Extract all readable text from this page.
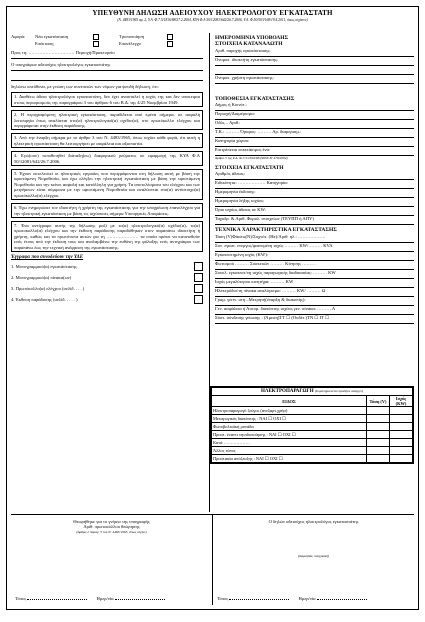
ΥΠΕΥΘΥΝΗ ΔΗΛΩΣΗ ΑΔΕΙΟΥΧΟΥ ΗΛΕΚΤΡΟΛΟΓΟΥ ΕΓΚΑΤΑΣΤΑΤΗ
(Ν. 4483/1965 αρ. 2, Υ.Α. Φ.7.5/1816/88/27.2.2004, ΚΥΑ Φ.Α 50/12081/642/26.7.2006, Υ.Α. Φ.50/503/168/19.4.2011, όπως ισχύουν)
Αφορά:	Νέα εγκατάσταση	Τροποποίηση
Επέκταση	Επανέλεγχο
Προς τη: ………………………… Περιοχή/Πρακτορείο
Ο υπογράφων αδειούχος ηλεκτρολόγος εγκαταστάτης
δηλώνω υπεύθυνα, με γνώση των συνεπειών των νόμων για ψευδή δήλωση, ότι:
1. Διαθέτω άδεια ηλεκτρολόγου εγκαταστάτη, δεν έχει ανασταλεί η ισχύς της και δεν υποκειμαι στους περιορισμούς της παραγράφου 3 του άρθρου 6 του Β.Δ. της 4/25 Νοεμβρίου 1949.
2. Η περιγραφόμενη ηλεκτρική εγκατάσταση, παραδίδεται από εμένα σήμερα, σε ασφαλή λειτουργία όπως αναλύεται στο(α) ηλεκτρολογικό(α) σχέδιο(α), στο πρωτόκολλο ελέγχου και περιγράφεται στην έκθεση παράδοσης.
3. Από την έναρξη σήμερα με το άρθρο 3 του Ν. 4483/1965, όπως ισχύει κάθε φορά, ότι αυτή η ηλεκτρική εγκατάσταση θα λειτουργήσει με ασφάλεια και αξιοπιστία.
4. Εγώ(ουν) τοποθετηθεί διάταξη(εις) διαφορικού ρεύματος σε εφαρμογή της ΚΥΑ Φ.Α 50/12081/642/26.7.2006.
5. Έχουν εκτελεστεί οι ηλεκτρικές εργασίες που περιγράφονται στη δήλωση αυτή με βάση την υφιστάμενη Νομοθεσία, και έχω ελέγξει την ηλεκτρική εγκατάσταση με βάση την υφιστάμενη Νομοθεσία και την κείνει ασφαλή και κατάλληλη για χρήση. Τα αποτελέσματα του ελέγχου και των μετρήσεων είναι σύμφωνα με την υφιστάμενη Νομοθεσία και αναλύονται στο(α) αντίστοιχο(α) πρωτόκολλο(α) ελέγχου.
6. Έχω ενημερώσει τον ιδιοκτήτη ή χρήστη της εγκατάστασης για την υποχρέωση επανελέγχου για την ηλεκτρική εγκατάσταση με βάση τις ισχύουσες σήμερα Υπουργικές Αποφάσεις.
7. Ένα αντίγραφο αυτής της δήλωσης μαζί με το(α) ηλεκτρολογικό(α) σχέδιο(α), το(α) πρωτοκολλο(α) ελέγχου και την έκθεση παράδοσης παραδόθηκαν στον παραπάνω ιδιοκτήτη ή χρήστη, καθώς και τα πρωτότυπα αυτών για τη ………………… τα οποία πρέπει να κατατεθούν ενός έτους από την έκδοση τους και αναλαμβάνω την ευθύνη της φύλαξης ενός αντιγράφου των παραπάνω έως την τεχνική ανέφρεση της εγκατάστασης.
Έγγραφα που συνοδεύουν την ΥΔΕ
1. Μονογραμμικό(α) εγκατάστασης
2. Μονογραμμικό(α) πίνακα(ων)
3. Πρωτόκολλο(α) ελέγχου (σελίδ. . . . )
4. Έκθεση παράδοσης (σελίδ. . . . . )
ΗΜΕΡΟΜΗΝΙΑ ΥΠΟΒΟΛΗΣ
ΣΤΟΙΧΕΙΑ ΚΑΤΑΝΑΛΩΤΗ
Αριθ. παροχής εγκατάστασης:
Ονοματ. ιδιοκτήτη εγκατάστασης:
Ονοματ. χρήστη εγκατάστασης:
ΤΟΠΟΘΕΣΙΑ ΕΓΚΑΤΑΣΤΑΣΗΣ
Δήμος ή Κοινότ.:
Περιοχή/Διαμέρισμα:
Οδός – Αριθ.:
Τ.Κ.: ……… Όροφος: ……… Αρ. διαμερισμ.:
Κατηγορία χώρου:
Επιτρέπεται επεκτάσιμος ένα:
Άρθρο 3 της Υ.Α. Φ.7.5/1816/88 (ΦΕΚ Β' 470/2004)
ΣΤΟΙΧΕΙΑ ΕΓΚΑΤΑΣΤΑΤΗ
Αριθμός άδειας:
Ειδικότητα: ……………… Κατηγορία:
Ημερομηνία έκδοσης:
Ημερομηνία λήξης ισχύος:
Όριο ισχύος άδειας σε KW:
Ταχυδρ. & Αριθ. Φορολ. στοιχείων (ΤΕΥΠΠ ή ΑΠΥ)
ΤΕΧΝΙΚΑ ΧΑΡΑΚΤΗΡΙΣΤΙΚΑ ΕΓΚΑΤΑΣΤΑΣΗΣ
Τάση (V)Φάσεις(Ν)/Συχνότ. (Hz)/Αριθ. ηλ.: ………………
Συν. εγκατ. ενεργος/φαινομένη ισχύς ……… KW/……… KVA
Εγκατεστημένη ισχύς (KW):
Φωτισμού ……… Συσκευών ……… Κίνησης ………
Συνολ. εγκατεστ/νη ισχύς παραγωγικής διαδικασίας: ……… KW
Ισχύς μεγαλύτερου κινητήρα: ……… KW
Ηλεκτρόδιο/τη πίνακα αναλόγισμα: ……… KW/ ……… Ω
Γραμ. γειτν. στη –Μετρητή(έναρξη & διακοπής):
Γεν. ασφάλεια ή Αυτομ. διακόπτης ισχύος γεν. πίνακα: ……… Α
Σύστ. σύνδεσης γείωσης : (Άμεση)TT ☐ (Ουδέτ.)TN ☐ IT ☐
ΗΛΕΚΤΡΟΠΑΡΑΓΩΓΗ (Συμπληρώνεται προσήκε υπάρχει)		
ΕΙΔΟΣ	Τάση (V)	Ισχύς (KW)
Ηλεκτροπαραγωγό ζεύγος (ανεξαρτ.χρήσ)		
Μεταγωγικός διακόπτης : ΝΑΙ ☐ ΟΧΙ ☐		
Φωτοβολταϊκή μονάδα		
Προστ. έναντι νησιδοποίησης : ΝΑΙ ☐ ΟΧΙ ☐		
Κατά ………………		
Άλλος τύπος		
Προστασία απόζευξης : ΝΑΙ ☐ ΟΧΙ ☐		
Θεωρήθηκε για το γνήσιο της υπογραφής
Αριθ. πρωτοκόλλου θεώρησης
(Άρθρο 2 παραγ. 3 του Ν. 4483/1965, όπως ισχύει)
Τόπος	Ημερ/νία
Ο δηλών αδειούχος ηλεκτρολόγος εγκαταστάτης
(Σφραγίδα, υπογραφή)
Τόπος	Ημερ/νία
